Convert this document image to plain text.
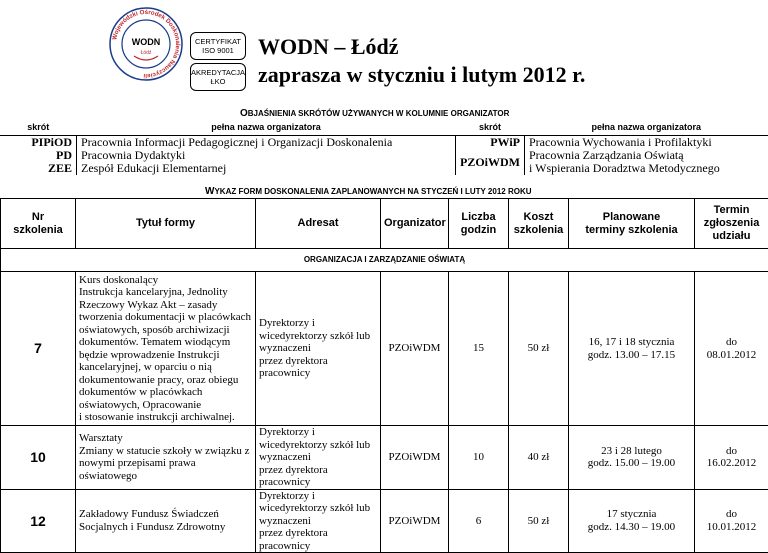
Wojewódzki Ośrodek Doskonalenia Nauczycieli
WODN
Łódź
CERTYFIKAT
ISO 9001
AKREDYTACJA
ŁKO
WODN – Łódź
zaprasza w styczniu i lutym 2012 r.
OBJAŚNIENIA SKRÓTÓW UŻYWANYCH W KOLUMNIE ORGANIZATOR
skrót	pełna nazwa organizatora	skrót	pełna nazwa organizatora
PIPiOD	Pracownia Informacji Pedagogicznej i Organizacji Doskonalenia	PWiP	Pracownia Wychowania i Profilaktyki
PD	Pracownia Dydaktyki	PZOiWDM	Pracownia Zarządzania Oświatą
i Wspierania Doradztwa Metodycznego
ZEE	Zespół Edukacji Elementarnej		
WYKAZ FORM DOSKONALENIA ZAPLANOWANYCH NA STYCZEŃ I LUTY 2012 ROKU
Nr
szkolenia	Tytuł formy	Adresat	Organizator	Liczba
godzin	Koszt
szkolenia	Planowane
terminy szkolenia	Termin
zgłoszenia
udziału
ORGANIZACJA I ZARZĄDZANIE OŚWIATĄ							
7	Kurs doskonalący
Instrukcja kancelaryjna, Jednolity Rzeczowy Wykaz Akt – zasady tworzenia dokumentacji w placówkach oświatowych, sposób archiwizacji dokumentów. Tematem wiodącym będzie wprowadzenie Instrukcji kancelaryjnej, w oparciu o nią dokumentowanie pracy, oraz obiegu dokumentów w placówkach oświatowych, Opracowanie
i stosowanie instrukcji archiwalnej.	Dyrektorzy i wicedyrektorzy szkół lub wyznaczeni
przez dyrektora pracownicy	PZOiWDM	15	50 zł	16, 17 i 18 stycznia
godz. 13.00 – 17.15	do
08.01.2012
10	Warsztaty
Zmiany w statucie szkoły w związku z nowymi przepisami prawa oświatowego	Dyrektorzy i wicedyrektorzy szkół lub wyznaczeni
przez dyrektora pracownicy	PZOiWDM	10	40 zł	23 i 28 lutego
godz. 15.00 – 19.00	do
16.02.2012
12	Zakładowy Fundusz Świadczeń Socjalnych i Fundusz Zdrowotny	Dyrektorzy i wicedyrektorzy szkół lub wyznaczeni
przez dyrektora pracownicy	PZOiWDM	6	50 zł	17 stycznia
godz. 14.30 – 19.00	do
10.01.2012
